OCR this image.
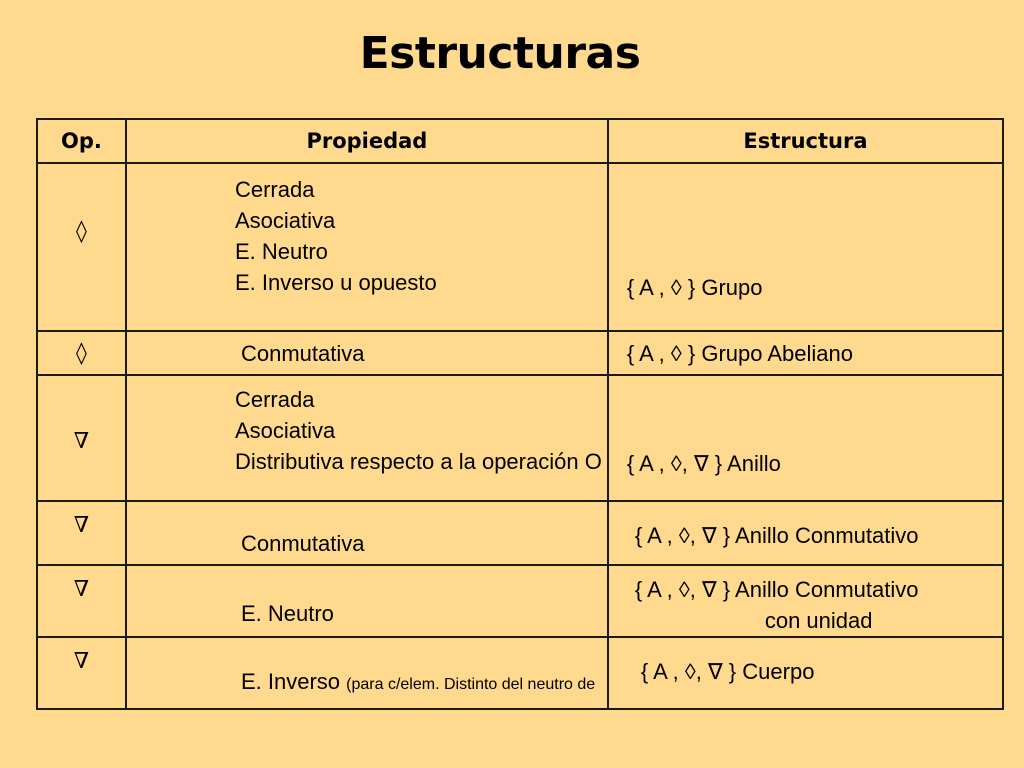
Estructuras
Op.	Propiedad	Estructura

◊	Cerrada
Asociativa
E. Neutro
E. Inverso u opuesto	{ A , ◊ } Grupo

◊	Conmutativa	{ A , ◊ } Grupo Abeliano

∇	Cerrada
Asociativa
Distributiva respecto a la operación O	{ A , ◊, ∇ } Anillo

∇	Conmutativa	{ A , ◊, ∇ } Anillo Conmutativo

∇	E. Neutro	{ A , ◊, ∇ } Anillo Conmutativo
con unidad

∇	E. Inverso (para c/elem. Distinto del neutro de	{ A , ◊, ∇ } Cuerpo
